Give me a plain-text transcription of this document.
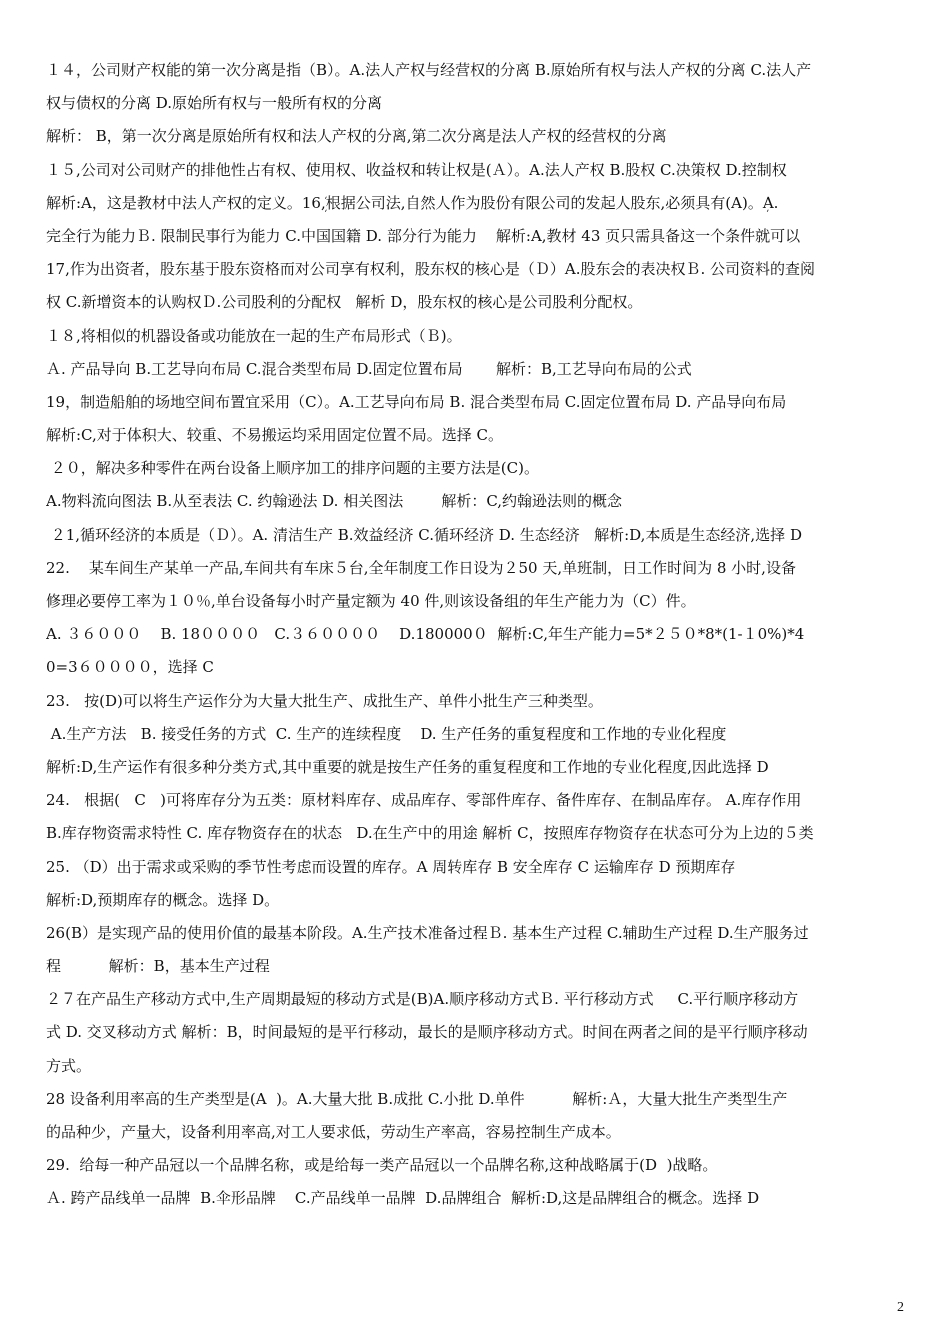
１４，公司财产权能的第一次分离是指（B）。A.法人产权与经营权的分离 B.原始所有权与法人产权的分离 C.法人产
权与债权的分离 D.原始所有权与一般所有权的分离
解析： B，第一次分离是原始所有权和法人产权的分离,第二次分离是法人产权的经营权的分离
１５,公司对公司财产的排他性占有权、使用权、收益权和转让权是(Ａ）。A.法人产权 B.股权 C.决策权 D.控制权
解析:A，这是教材中法人产权的定义。16ܲ,根据公司法,自然人作为股份有限公司的发起人股东,必须具有(A)。ܲA.
完全行为能力Ｂ. 限制民事行为能力 C.中国国籍 D. 部分行为能力    解析:A,教材 43 页只需具备这一个条件就可以
17,作为出资者，股东基于股东资格而对公司享有权利，股东权的核心是（Ｄ）A.股东会的表决权Ｂ. 公司资料的查阅
权 C.新增资本的认购权Ｄ.公司股利的分配权   解析 D，股东权的核心是公司股利分配权。
１８,将相似的机器设备或功能放在一起的生产布局形式（Ｂ)。
Ａ. 产品导向 B.工艺导向布局 C.混合类型布局 D.固定位置布局       解析：B,工艺导向布局的公式
19，制造船舶的场地空间布置宜采用（C）。A.工艺导向布局 B. 混合类型布局 C.固定位置布局 D. 产品导向布局
解析:C,对于体积大、较重、不易搬运均采用固定位置不局。选择 C。
２０，解决多种零件在两台设备上顺序加工的排序问题的主要方法是(C)。
A.物料流向图法 B.从至表法 C. 约翰逊法 D. 相关图法        解析：C,约翰逊法则的概念
２1,循环经济的本质是（Ｄ）。A. 清洁生产 B.效益经济 C.循环经济 D. 生态经济   解析:D,本质是生态经济,选择 D
22.    某车间生产某单一产品,车间共有车床５台,全年制度工作日设为２50 天,单班制，日工作时间为 8 小时,设备
修理必要停工率为１０％,单台设备每小时产量定额为 40 件,则该设备组的年生产能力为（C）件。
A. ３６０００    B. 18００００   C.３６００００    D.180000０  解析:C,年生产能力=5*２５０*8*(1-１0%)*4
0=3６００００，选择 C
23.   按(D)可以将生产运作分为大量大批生产、成批生产、单件小批生产三种类型。
A.生产方法   B. 接受任务的方式  C. 生产的连续程度    D. 生产任务的重复程度和工作地的专业化程度
解析:D,生产运作有很多种分类方式,其中重要的就是按生产任务的重复程度和工作地的专业化程度,因此选择 D
24.   根据(   C   )可将库存分为五类：原材料库存、成品库存、零部件库存、备件库存、在制品库存。 A.库存作用
B.库存物资需求特性 C. 库存物资存在的状态   D.在生产中的用途 解析 C，按照库存物资存在状态可分为上边的５类
25. （D）出于需求或采购的季节性考虑而设置的库存。A 周转库存 B 安全库存 C 运输库存 D 预期库存
解析:D,预期库存的概念。选择 D。
26(B）是实现产品的使用价值的最基本阶段。A.生产技术准备过程Ｂ. 基本生产过程 C.辅助生产过程 D.生产服务过
程          解析：B，基本生产过程
２７在产品生产移动方式中,生产周期最短的移动方式是(B)A.顺序移动方式Ｂ. 平行移动方式     C.平行顺序移动方
式 D. 交叉移动方式 解析：B，时间最短的是平行移动，最长的是顺序移动方式。时间在两者之间的是平行顺序移动
方式。
28 设备利用率高的生产类型是(A  )。A.大量大批 B.成批 C.小批 D.单件          解析:Ａ，大量大批生产类型生产
的品种少，产量大，设备利用率高,对工人要求低，劳动生产率高，容易控制生产成本。
29.  给每一种产品冠以一个品牌名称，或是给每一类产品冠以一个品牌名称,这种战略属于(D  )战略。
Ａ. 跨产品线单一品牌  B.伞形品牌    C.产品线单一品牌  D.品牌组合  解析:D,这是品牌组合的概念。选择 D
2
